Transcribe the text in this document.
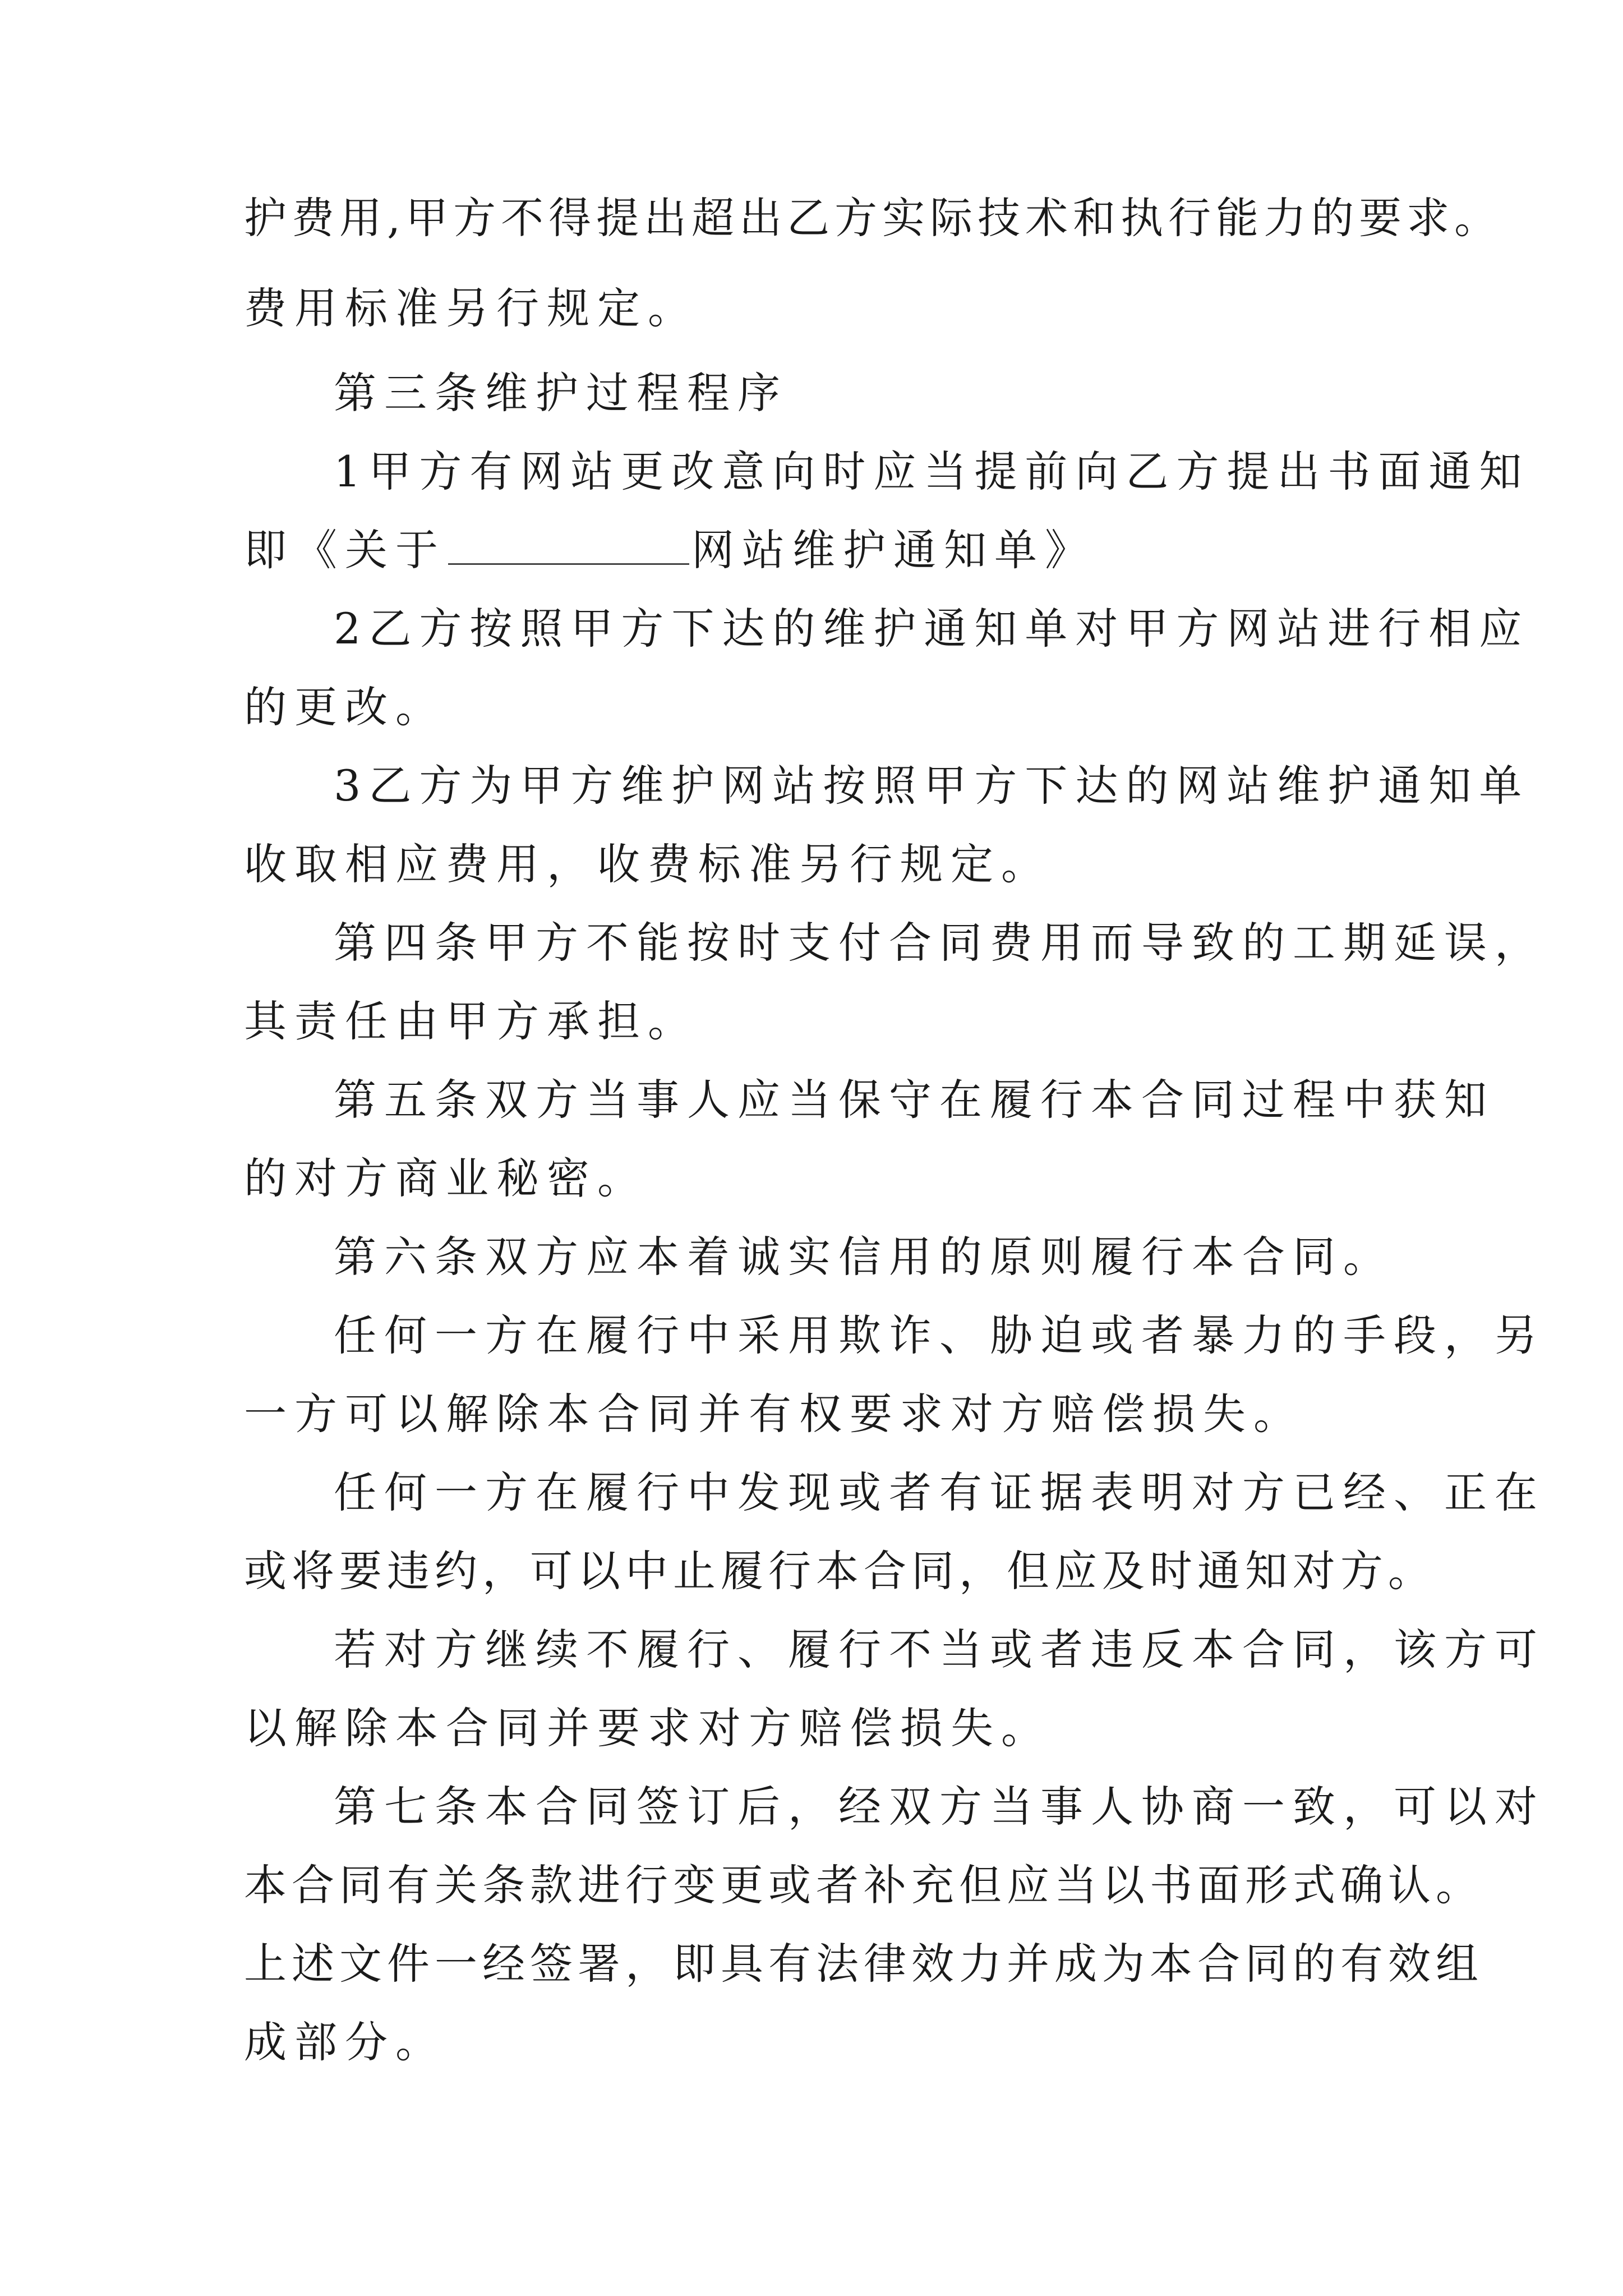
护费用,甲方不得提出超出乙方实际技术和执行能力的要求。
费用标准另行规定。
第三条维护过程程序
1甲方有网站更改意向时应当提前向乙方提出书面通知
即《关于	网站维护通知单》
2乙方按照甲方下达的维护通知单对甲方网站进行相应
的更改。
3乙方为甲方维护网站按照甲方下达的网站维护通知单
收取相应费用，收费标准另行规定。
第四条甲方不能按时支付合同费用而导致的工期延误，
其责任由甲方承担。
第五条双方当事人应当保守在履行本合同过程中获知
的对方商业秘密。
第六条双方应本着诚实信用的原则履行本合同。
任何一方在履行中采用欺诈、胁迫或者暴力的手段，另
一方可以解除本合同并有权要求对方赔偿损失。
任何一方在履行中发现或者有证据表明对方已经、正在
或将要违约，可以中止履行本合同，但应及时通知对方。
若对方继续不履行、履行不当或者违反本合同，该方可
以解除本合同并要求对方赔偿损失。
第七条本合同签订后，经双方当事人协商一致，可以对
本合同有关条款进行变更或者补充但应当以书面形式确认。
上述文件一经签署，即具有法律效力并成为本合同的有效组
成部分。
